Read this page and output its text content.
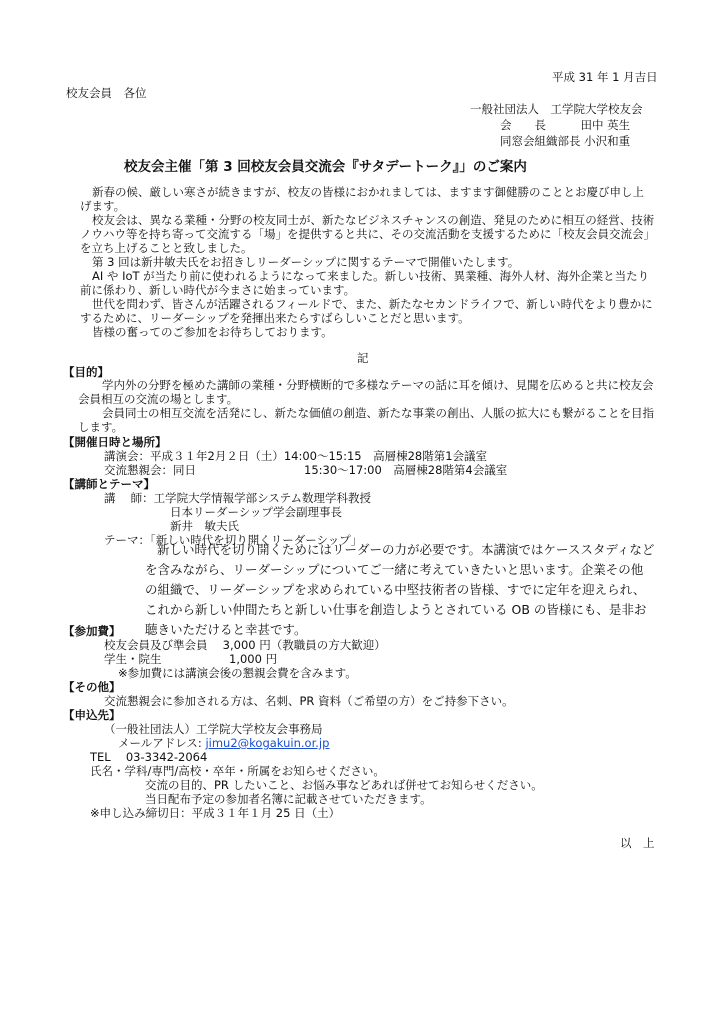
平成 31 年 1 月吉日
校友会員　各位
一般社団法人　工学院大学校友会
会　　長　　　田中 英生
同窓会組織部長 小沢和重
校友会主催「第 3 回校友会員交流会『サタデートーク』」のご案内
新春の候、厳しい寒さが続きますが、校友の皆様におかれましては、ますます御健勝のこととお慶び申し上げます。
校友会は、異なる業種・分野の校友同士が、新たなビジネスチャンスの創造、発見のために相互の経営、技術ノウハウ等を持ち寄って交流する「場」を提供すると共に、その交流活動を支援するために「校友会員交流会」を立ち上げることと致しました。
第 3 回は新井敏夫氏をお招きしリーダーシップに関するテーマで開催いたします。
AI や IoT が当たり前に使われるようになって来ました。新しい技術、異業種、海外人材、海外企業と当たり前に係わり、新しい時代が今まさに始まっています。
世代を問わず、皆さんが活躍されるフィールドで、また、新たなセカンドライフで、新しい時代をより豊かにするために、リーダーシップを発揮出来たらすばらしいことだと思います。
皆様の奮ってのご参加をお待ちしております。
記
【目的】
学内外の分野を極めた講師の業種・分野横断的で多様なテーマの話に耳を傾け、見聞を広めると共に校友会会員相互の交流の場とします。
会員同士の相互交流を活発にし、新たな価値の創造、新たな事業の創出、人脈の拡大にも繋がることを目指します。
【開催日時と場所】
講演会：平成３１年2月２日（土）14:00～15:15　高層棟28階第1会議室
交流懇親会：同日	15:30～17:00　高層棟28階第4会議室
【講師とテーマ】
講　 師：工学院大学情報学部システム数理学科教授
日本リーダーシップ学会副理事長
新井　敏夫氏
テーマ：「新しい時代を切り開くリーダーシップ」
新しい時代を切り開くためにはリーダーの力が必要です。本講演ではケーススタディなどを含みながら、リーダーシップについてご一緒に考えていきたいと思います。企業その他の組織で、リーダーシップを求められている中堅技術者の皆様、すでに定年を迎えられ、これから新しい仲間たちと新しい仕事を創造しようとされている OB の皆様にも、是非お聴きいただけると幸甚です。
【参加費】
校友会員及び準会員　 3,000 円（教職員の方大歓迎）
学生・院生	1,000 円
※参加費には講演会後の懇親会費を含みます。
【その他】
交流懇親会に参加される方は、名刺、PR 資料（ご希望の方）をご持参下さい。
【申込先】
（一般社団法人）工学院大学校友会事務局
メールアドレス: jimu2@kogakuin.or.jp
TEL　 03-3342-2064
氏名・学科/専門/高校・卒年・所属をお知らせください。
交流の目的、PR したいこと、お悩み事などあれば併せてお知らせください。
当日配布予定の参加者名簿に記載させていただきます。
※申し込み締切日：平成３１年１月 25 日（土）
以　上
